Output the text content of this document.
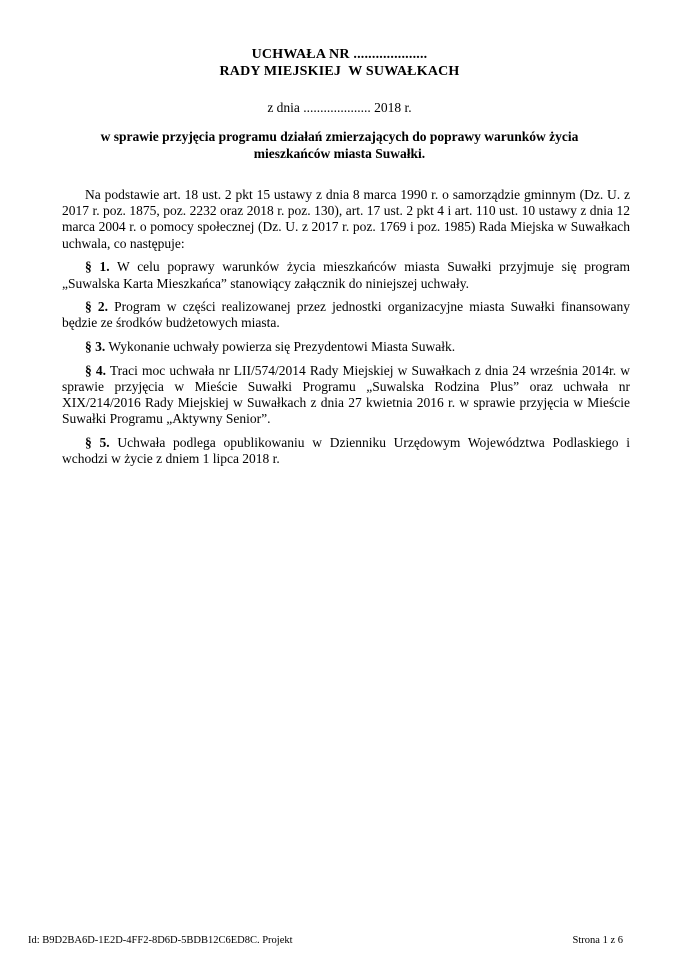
UCHWAŁA NR ....................
RADY MIEJSKIEJ  W SUWAŁKACH
z dnia .................... 2018 r.
w sprawie przyjęcia programu działań zmierzających do poprawy warunków życia mieszkańców miasta Suwałki.

Na podstawie art. 18 ust. 2 pkt 15 ustawy z dnia 8 marca 1990 r. o samorządzie gminnym (Dz. U. z 2017 r. poz. 1875, poz. 2232 oraz 2018 r. poz. 130), art. 17 ust. 2 pkt 4 i art. 110 ust. 10 ustawy z dnia 12 marca 2004 r. o pomocy społecznej (Dz. U. z 2017 r. poz. 1769 i poz. 1985) Rada Miejska w Suwałkach uchwala, co następuje:

§ 1. W celu poprawy warunków życia mieszkańców miasta Suwałki przyjmuje się program „Suwalska Karta Mieszkańca” stanowiący załącznik do niniejszej uchwały.

§ 2. Program w części realizowanej przez jednostki organizacyjne miasta Suwałki finansowany będzie ze środków budżetowych miasta.

§ 3. Wykonanie uchwały powierza się Prezydentowi Miasta Suwałk.

§ 4. Traci moc uchwała nr LII/574/2014 Rady Miejskiej w Suwałkach z dnia 24 września 2014r. w sprawie przyjęcia w Mieście Suwałki Programu „Suwalska Rodzina Plus” oraz uchwała nr XIX/214/2016 Rady Miejskiej w Suwałkach z dnia 27 kwietnia 2016 r. w sprawie przyjęcia w Mieście Suwałki Programu „Aktywny Senior”.

§ 5. Uchwała podlega opublikowaniu w Dzienniku Urzędowym Województwa Podlaskiego i wchodzi w życie z dniem 1 lipca 2018 r.

Id: B9D2BA6D-1E2D-4FF2-8D6D-5BDB12C6ED8C. Projekt	Strona 1 z 6
